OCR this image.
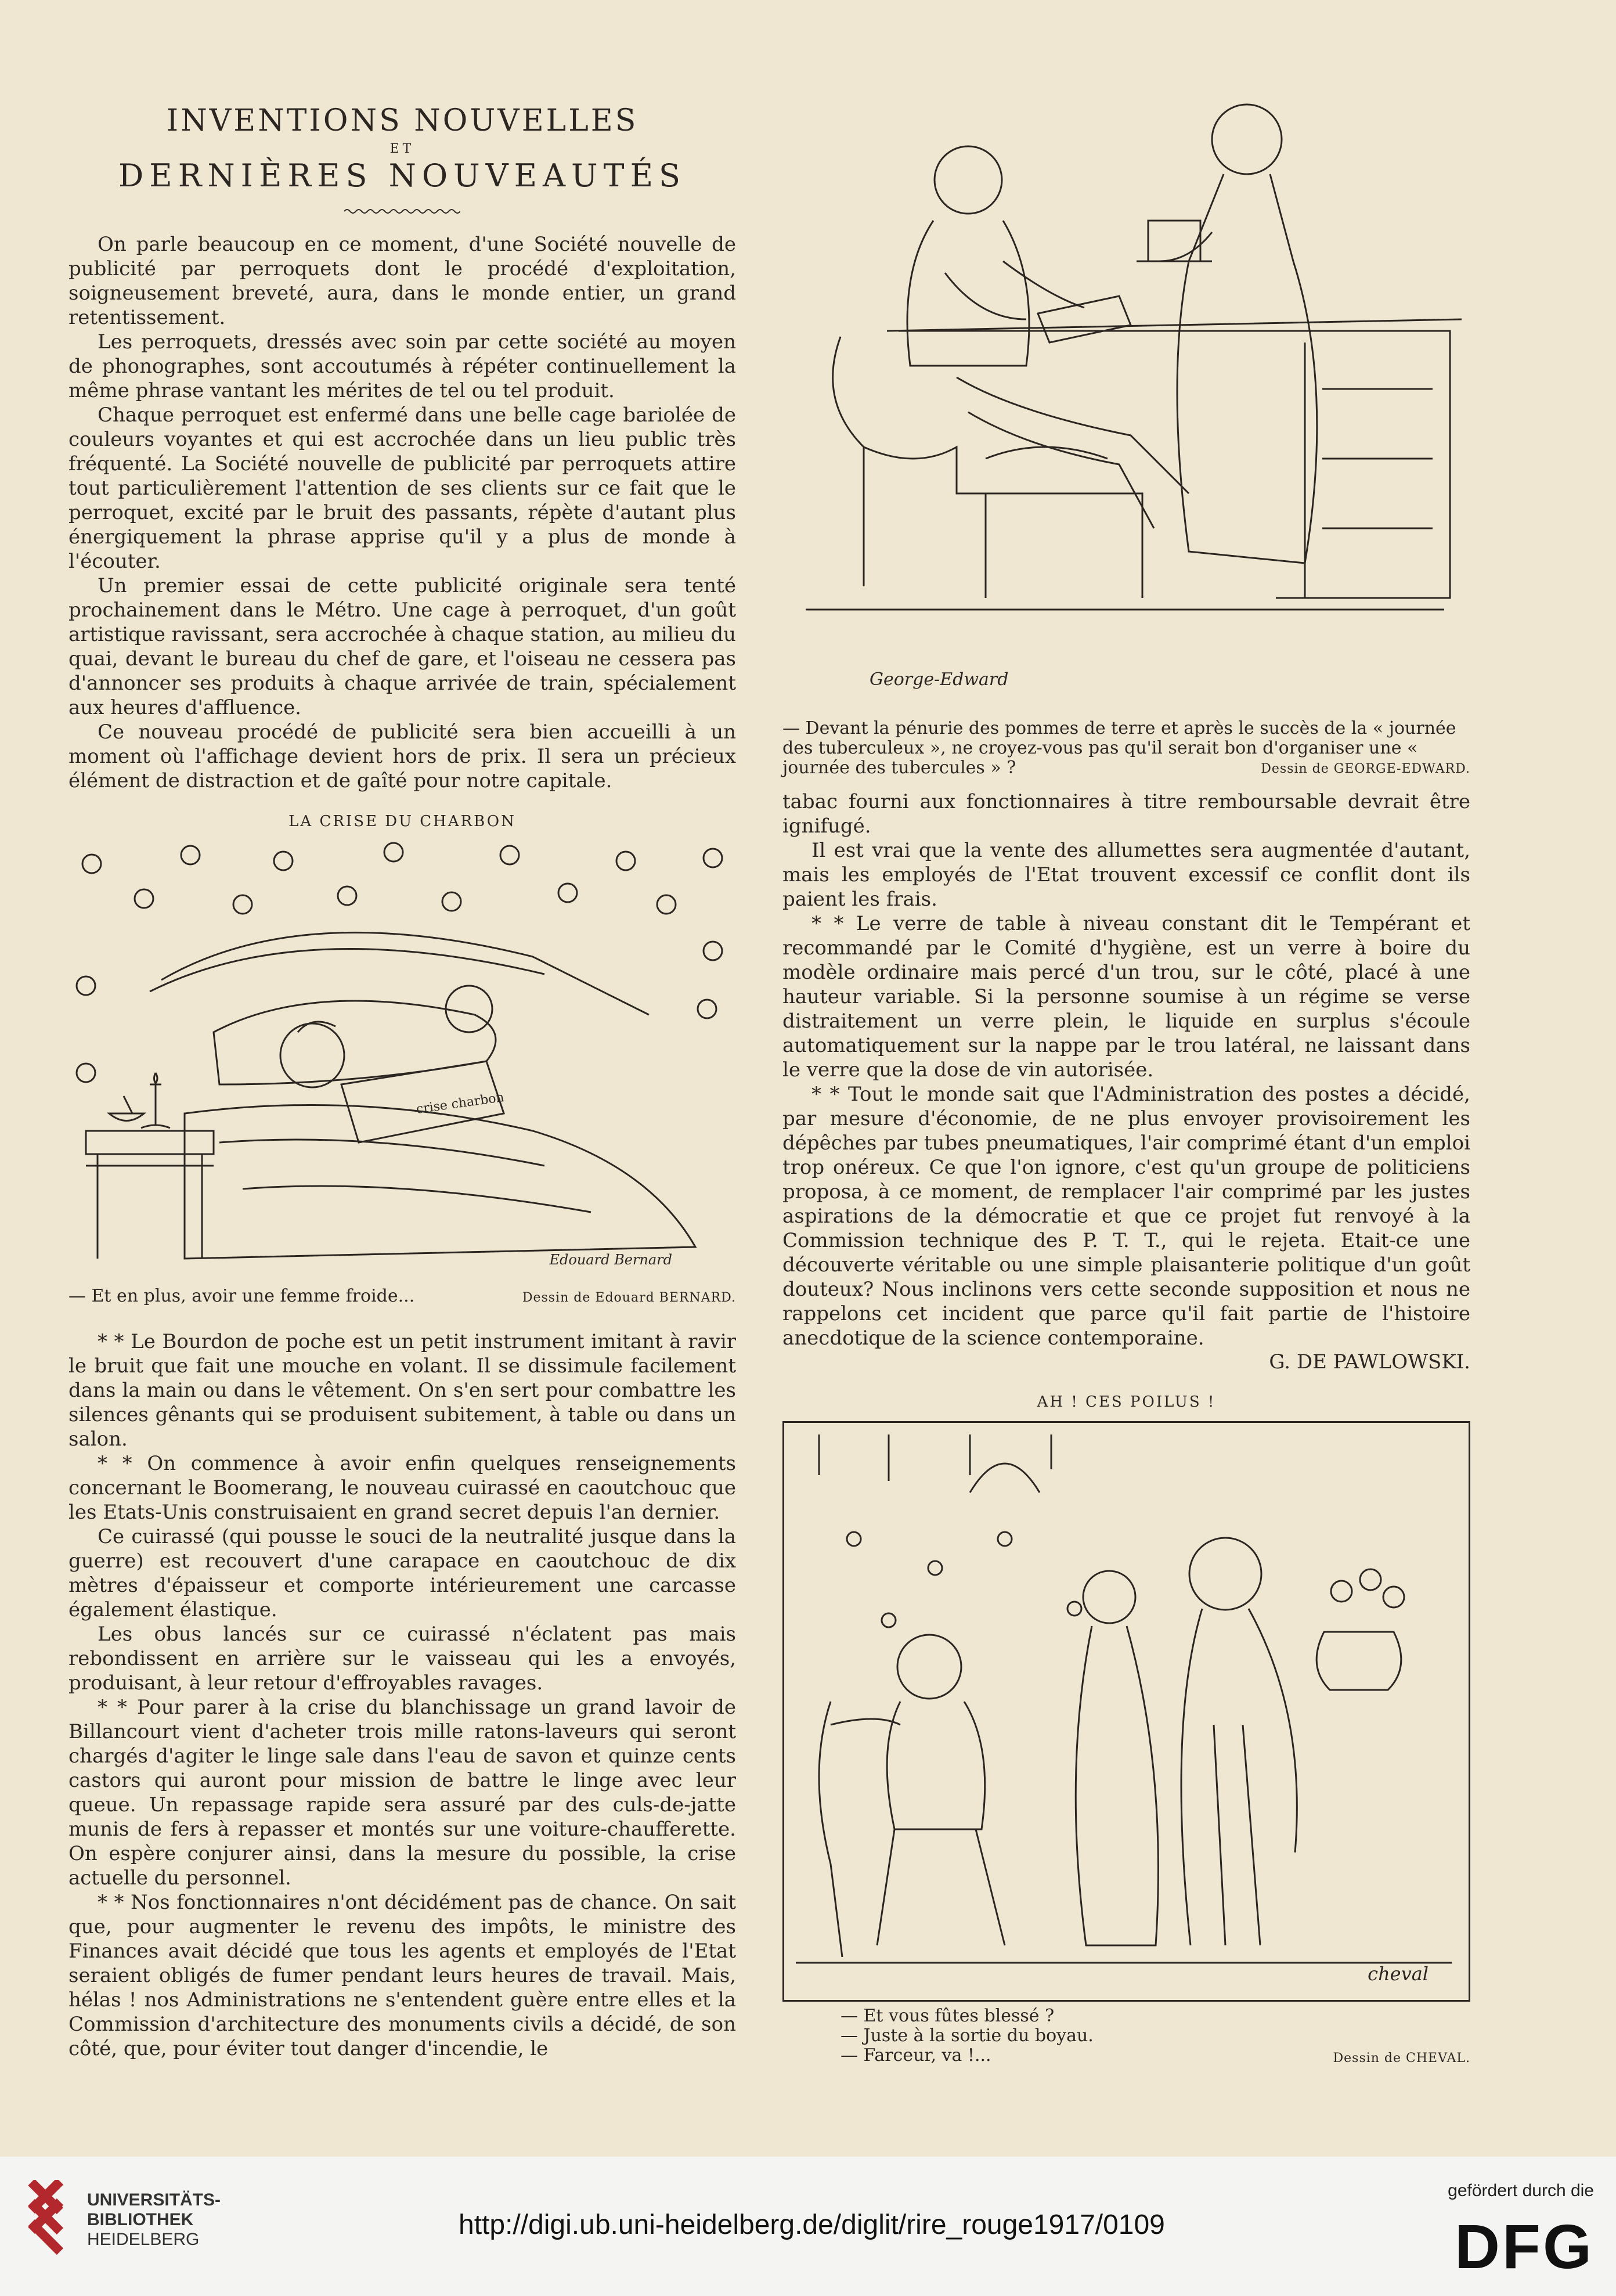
INVENTIONS NOUVELLES
ET
DERNIÈRES NOUVEAUTÉS

On parle beaucoup en ce moment, d'une Société nouvelle de publicité par perroquets dont le procédé d'exploitation, soigneusement breveté, aura, dans le monde entier, un grand retentissement.

Les perroquets, dressés avec soin par cette société au moyen de phonographes, sont accoutumés à répéter continuellement la même phrase vantant les mérites de tel ou tel produit.

Chaque perroquet est enfermé dans une belle cage bariolée de couleurs voyantes et qui est accrochée dans un lieu public très fréquenté. La Société nouvelle de publicité par perroquets attire tout particulièrement l'attention de ses clients sur ce fait que le perroquet, excité par le bruit des passants, répète d'autant plus énergiquement la phrase apprise qu'il y a plus de monde à l'écouter.

Un premier essai de cette publicité originale sera tenté prochainement dans le Métro. Une cage à perroquet, d'un goût artistique ravissant, sera accrochée à chaque station, au milieu du quai, devant le bureau du chef de gare, et l'oiseau ne cessera pas d'annoncer ses produits à chaque arrivée de train, spécialement aux heures d'affluence.

Ce nouveau procédé de publicité sera bien accueilli à un moment où l'affichage devient hors de prix. Il sera un précieux élément de distraction et de gaîté pour notre capitale.

LA CRISE DU CHARBON
crise charbon
Edouard Bernard
— Et en plus, avoir une femme froide...	Dessin de Edouard BERNARD.

* * Le Bourdon de poche est un petit instrument imitant à ravir le bruit que fait une mouche en volant. Il se dissimule facilement dans la main ou dans le vêtement. On s'en sert pour combattre les silences gênants qui se produisent subitement, à table ou dans un salon.

* * On commence à avoir enfin quelques renseignements concernant le Boomerang, le nouveau cuirassé en caoutchouc que les Etats-Unis construisaient en grand secret depuis l'an dernier.

Ce cuirassé (qui pousse le souci de la neutralité jusque dans la guerre) est recouvert d'une carapace en caoutchouc de dix mètres d'épaisseur et comporte intérieurement une carcasse également élastique.

Les obus lancés sur ce cuirassé n'éclatent pas mais rebondissent en arrière sur le vaisseau qui les a envoyés, produisant, à leur retour d'effroyables ravages.

* * Pour parer à la crise du blanchissage un grand lavoir de Billancourt vient d'acheter trois mille ratons-laveurs qui seront chargés d'agiter le linge sale dans l'eau de savon et quinze cents castors qui auront pour mission de battre le linge avec leur queue. Un repassage rapide sera assuré par des culs-de-jatte munis de fers à repasser et montés sur une voiture-chaufferette. On espère conjurer ainsi, dans la mesure du possible, la crise actuelle du personnel.

* * Nos fonctionnaires n'ont décidément pas de chance. On sait que, pour augmenter le revenu des impôts, le ministre des Finances avait décidé que tous les agents et employés de l'Etat seraient obligés de fumer pendant leurs heures de travail. Mais, hélas ! nos Administrations ne s'entendent guère entre elles et la Commission d'architecture des monuments civils a décidé, de son côté, que, pour éviter tout danger d'incendie, le

George-Edward
— Devant la pénurie des pommes de terre et après le succès de la « journée des tuberculeux », ne croyez-vous pas qu'il serait bon d'organiser une « journée des tubercules » ?	Dessin de GEORGE-EDWARD.

tabac fourni aux fonctionnaires à titre remboursable devrait être ignifugé.

Il est vrai que la vente des allumettes sera augmentée d'autant, mais les employés de l'Etat trouvent excessif ce conflit dont ils paient les frais.

* * Le verre de table à niveau constant dit le Tempérant et recommandé par le Comité d'hygiène, est un verre à boire du modèle ordinaire mais percé d'un trou, sur le côté, placé à une hauteur variable. Si la personne soumise à un régime se verse distraitement un verre plein, le liquide en surplus s'écoule automatiquement sur la nappe par le trou latéral, ne laissant dans le verre que la dose de vin autorisée.

* * Tout le monde sait que l'Administration des postes a décidé, par mesure d'économie, de ne plus envoyer provisoirement les dépêches par tubes pneumatiques, l'air comprimé étant d'un emploi trop onéreux. Ce que l'on ignore, c'est qu'un groupe de politiciens proposa, à ce moment, de remplacer l'air comprimé par les justes aspirations de la démocratie et que ce projet fut renvoyé à la Commission technique des P. T. T., qui le rejeta. Etait-ce une découverte véritable ou une simple plaisanterie politique d'un goût douteux? Nous inclinons vers cette seconde supposition et nous ne rappelons cet incident que parce qu'il fait partie de l'histoire anecdotique de la science contemporaine.

G. DE PAWLOWSKI.

AH ! CES POILUS !
cheval
— Et vous fûtes blessé ?
— Juste à la sortie du boyau.
— Farceur, va !...	Dessin de CHEVAL.
UNIVERSITÄTS-
BIBLIOTHEK
HEIDELBERG	http://digi.ub.uni-heidelberg.de/diglit/rire_rouge1917/0109
gefördert durch die
DFG
